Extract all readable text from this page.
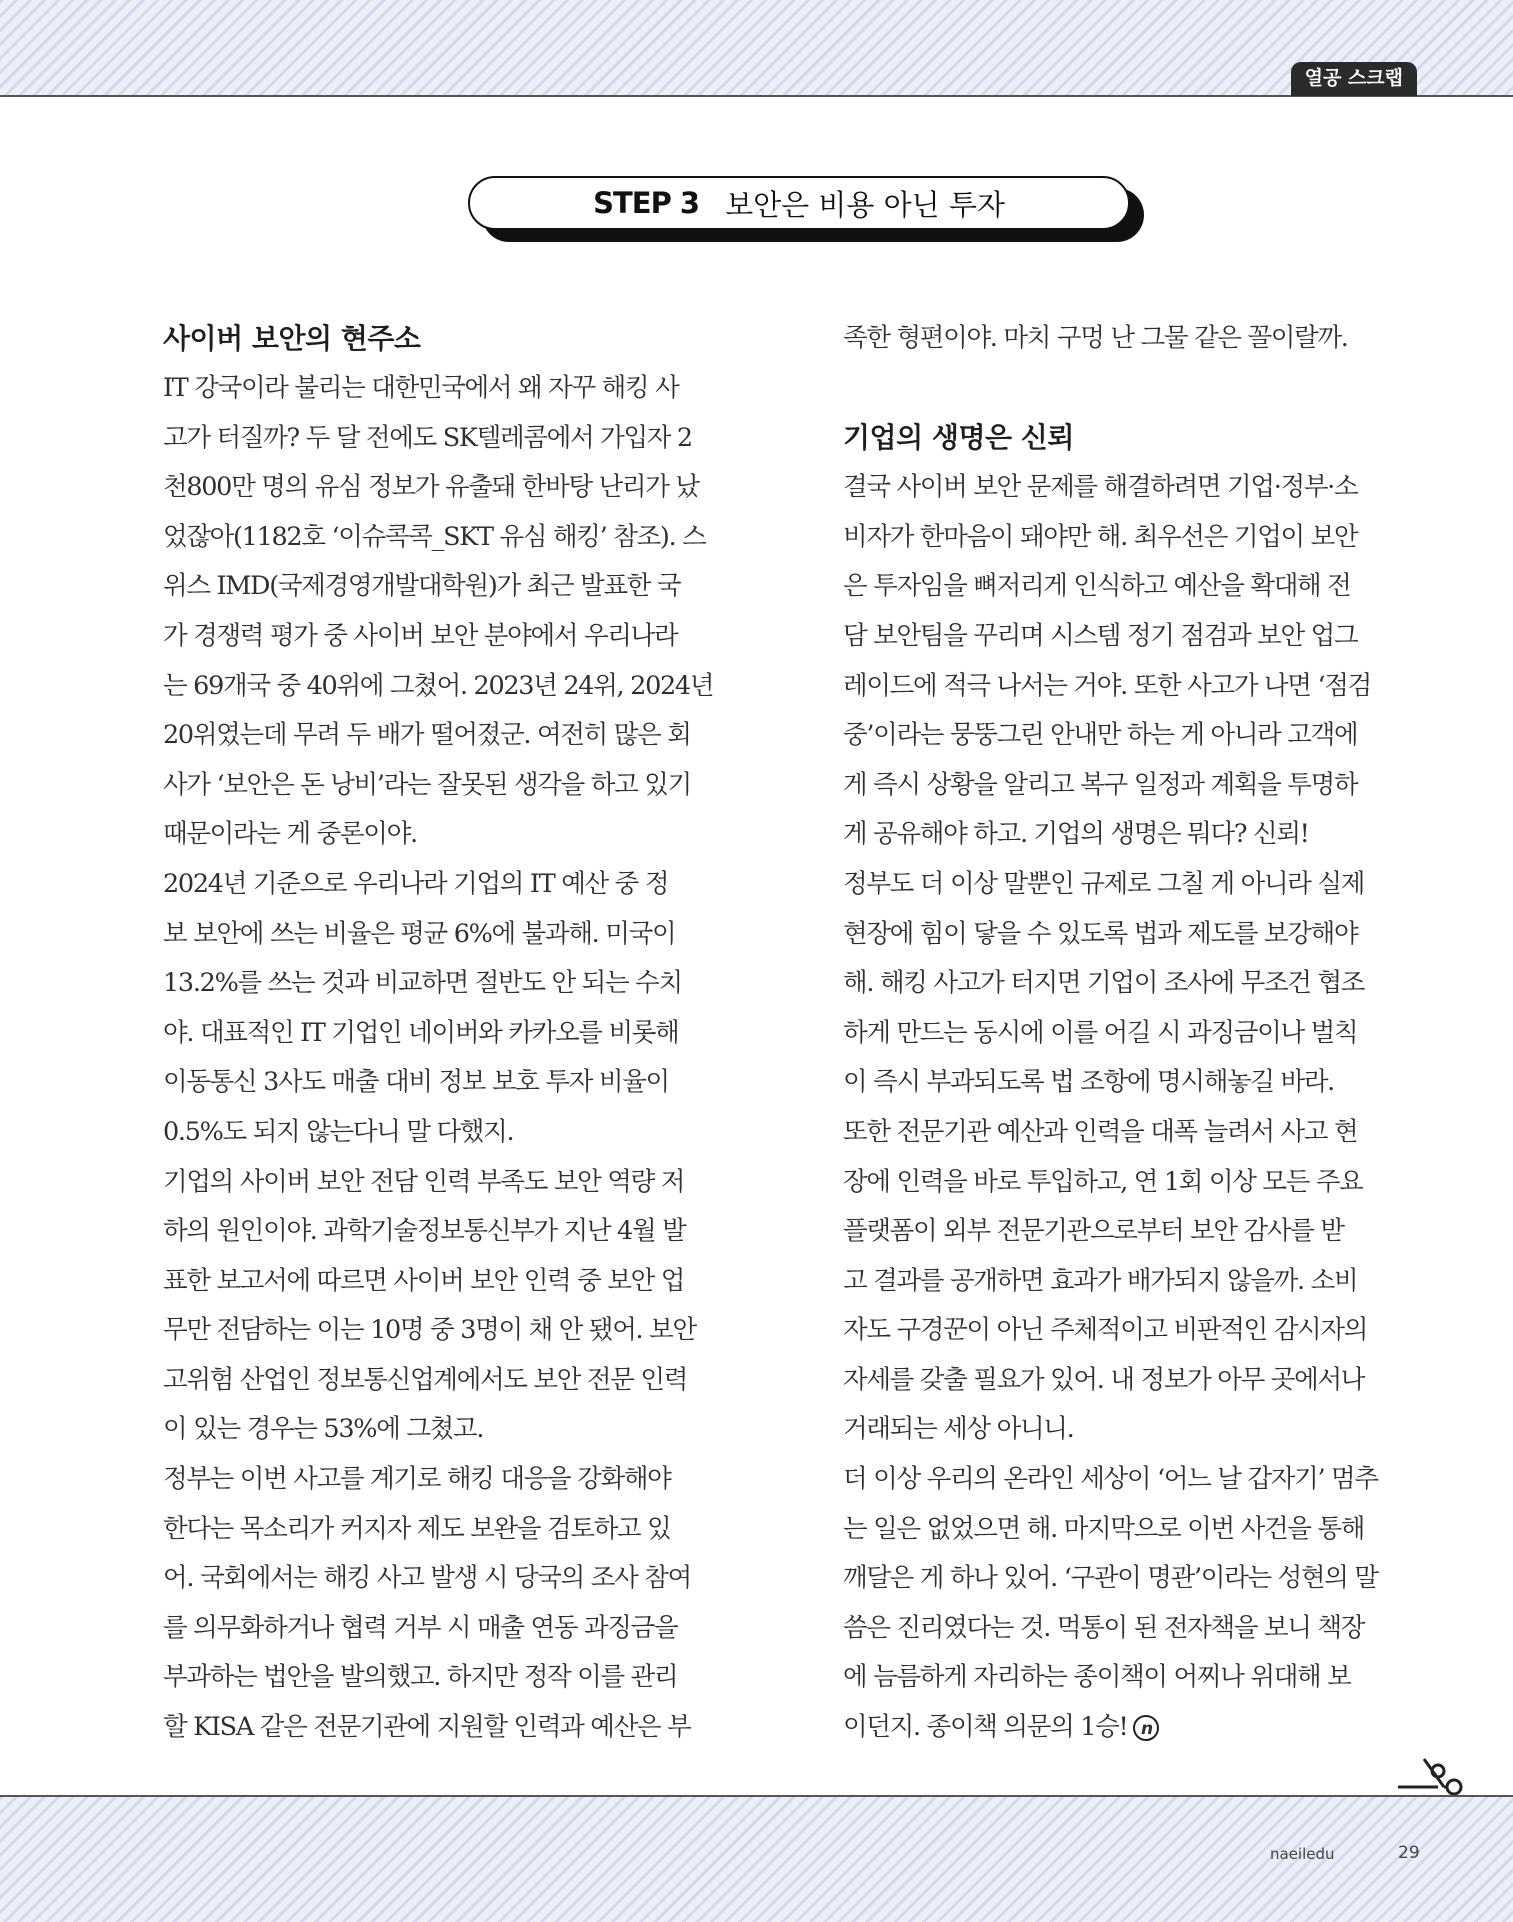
열공 스크랩
STEP 3 보안은 비용 아닌 투자
사이버 보안의 현주소
IT 강국이라 불리는 대한민국에서 왜 자꾸 해킹 사
고가 터질까? 두 달 전에도 SK텔레콤에서 가입자 2
천800만 명의 유심 정보가 유출돼 한바탕 난리가 났
었잖아(1182호 ‘이슈콕콕_SKT 유심 해킹’ 참조). 스
위스 IMD(국제경영개발대학원)가 최근 발표한 국
가 경쟁력 평가 중 사이버 보안 분야에서 우리나라
는 69개국 중 40위에 그쳤어. 2023년 24위, 2024년
20위였는데 무려 두 배가 떨어졌군. 여전히 많은 회
사가 ‘보안은 돈 낭비’라는 잘못된 생각을 하고 있기
때문이라는 게 중론이야.
2024년 기준으로 우리나라 기업의 IT 예산 중 정
보 보안에 쓰는 비율은 평균 6%에 불과해. 미국이
13.2%를 쓰는 것과 비교하면 절반도 안 되는 수치
야. 대표적인 IT 기업인 네이버와 카카오를 비롯해
이동통신 3사도 매출 대비 정보 보호 투자 비율이
0.5%도 되지 않는다니 말 다했지.
기업의 사이버 보안 전담 인력 부족도 보안 역량 저
하의 원인이야. 과학기술정보통신부가 지난 4월 발
표한 보고서에 따르면 사이버 보안 인력 중 보안 업
무만 전담하는 이는 10명 중 3명이 채 안 됐어. 보안
고위험 산업인 정보통신업계에서도 보안 전문 인력
이 있는 경우는 53%에 그쳤고.
정부는 이번 사고를 계기로 해킹 대응을 강화해야
한다는 목소리가 커지자 제도 보완을 검토하고 있
어. 국회에서는 해킹 사고 발생 시 당국의 조사 참여
를 의무화하거나 협력 거부 시 매출 연동 과징금을
부과하는 법안을 발의했고. 하지만 정작 이를 관리
할 KISA 같은 전문기관에 지원할 인력과 예산은 부
족한 형편이야. 마치 구멍 난 그물 같은 꼴이랄까.
기업의 생명은 신뢰
결국 사이버 보안 문제를 해결하려면 기업·정부·소
비자가 한마음이 돼야만 해. 최우선은 기업이 보안
은 투자임을 뼈저리게 인식하고 예산을 확대해 전
담 보안팀을 꾸리며 시스템 정기 점검과 보안 업그
레이드에 적극 나서는 거야. 또한 사고가 나면 ‘점검
중’이라는 뭉뚱그린 안내만 하는 게 아니라 고객에
게 즉시 상황을 알리고 복구 일정과 계획을 투명하
게 공유해야 하고. 기업의 생명은 뭐다? 신뢰!
정부도 더 이상 말뿐인 규제로 그칠 게 아니라 실제
현장에 힘이 닿을 수 있도록 법과 제도를 보강해야
해. 해킹 사고가 터지면 기업이 조사에 무조건 협조
하게 만드는 동시에 이를 어길 시 과징금이나 벌칙
이 즉시 부과되도록 법 조항에 명시해놓길 바라.
또한 전문기관 예산과 인력을 대폭 늘려서 사고 현
장에 인력을 바로 투입하고, 연 1회 이상 모든 주요
플랫폼이 외부 전문기관으로부터 보안 감사를 받
고 결과를 공개하면 효과가 배가되지 않을까. 소비
자도 구경꾼이 아닌 주체적이고 비판적인 감시자의
자세를 갖출 필요가 있어. 내 정보가 아무 곳에서나
거래되는 세상 아니니.
더 이상 우리의 온라인 세상이 ‘어느 날 갑자기’ 멈추
는 일은 없었으면 해. 마지막으로 이번 사건을 통해
깨달은 게 하나 있어. ‘구관이 명관’이라는 성현의 말
씀은 진리였다는 것. 먹통이 된 전자책을 보니 책장
에 늠름하게 자리하는 종이책이 어찌나 위대해 보
이던지. 종이책 의문의 1승! n
naeiledu	29
